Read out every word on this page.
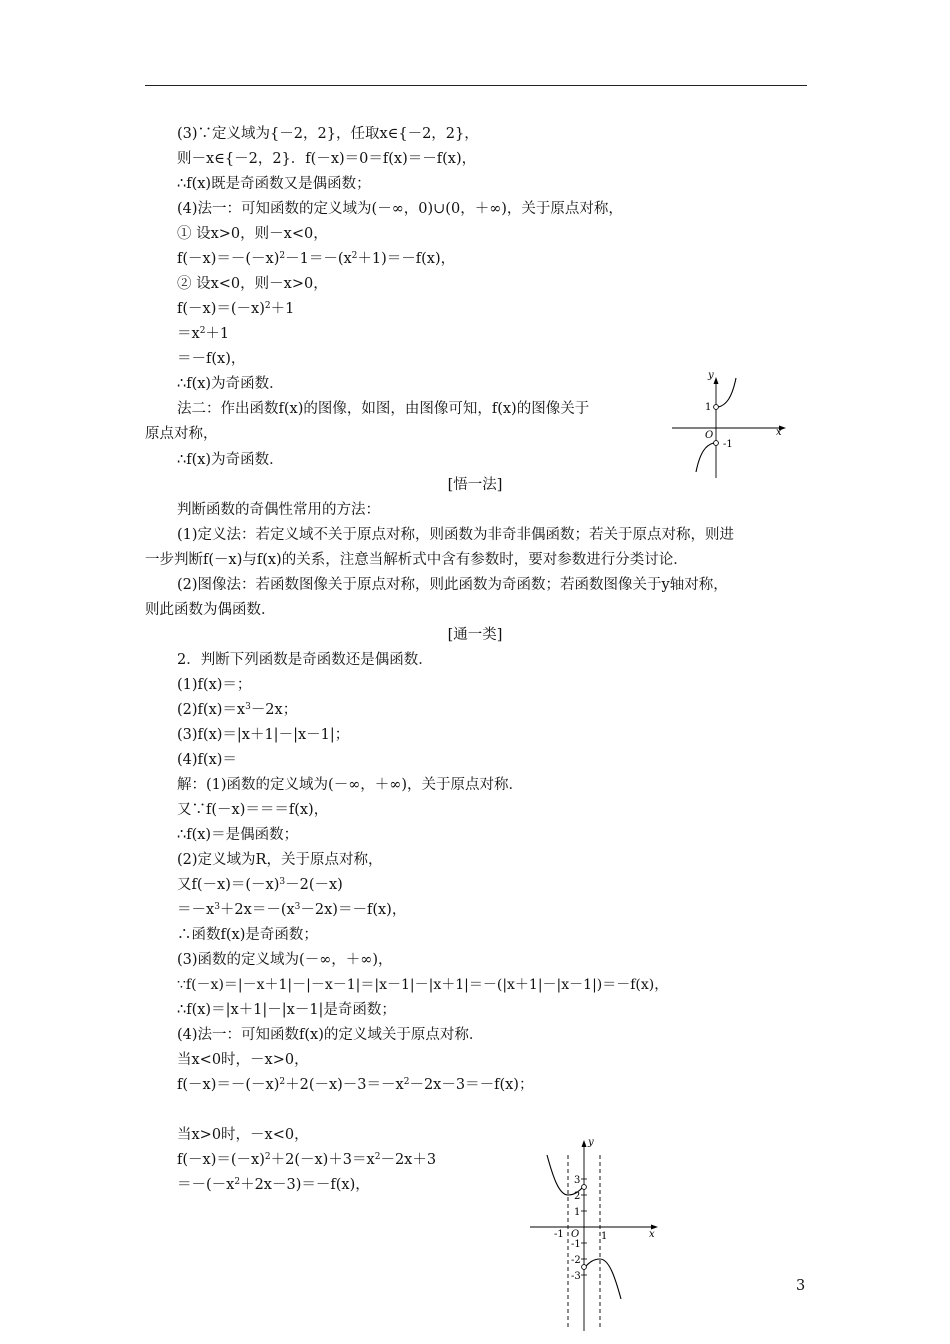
(3)∵定义域为{－2，2}，任取x∈{－2，2}，
则－x∈{－2，2}．f(－x)＝0＝f(x)＝－f(x)，
∴f(x)既是奇函数又是偶函数；
(4)法一：可知函数的定义域为(－∞，0)∪(0，＋∞)，关于原点对称，
① 设x>0，则－x<0，
$f(-x)=-(-x)^2-1=-(x^2+1)=-f(x)$，
② 设x<0，则－x>0，
$f(-x)=(-x)^2+1$
$=x^2+1$
＝－f(x)，
∴f(x)为奇函数．
法二：作出函数f(x)的图像，如图，由图像可知，f(x)的图像关于
原点对称，
∴f(x)为奇函数．
y
x
O
1
-1
[悟一法]
判断函数的奇偶性常用的方法：
(1)定义法：若定义域不关于原点对称，则函数为非奇非偶函数；若关于原点对称，则进
一步判断f(－x)与f(x)的关系，注意当解析式中含有参数时，要对参数进行分类讨论．
(2)图像法：若函数图像关于原点对称，则此函数为奇函数；若函数图像关于y轴对称，
则此函数为偶函数．
[通一类]
2．判断下列函数是奇函数还是偶函数．
(1)f(x)＝；
$(2)f(x)=x^3-2x$；
(3)f(x)＝|x＋1|－|x－1|；
(4)f(x)＝
解：(1)函数的定义域为(－∞，＋∞)，关于原点对称．
又∵f(－x)＝＝＝f(x)，
∴f(x)＝是偶函数；
(2)定义域为R，关于原点对称，
又$f(-x)=(-x)^3-2(-x)$
$=-x^3+2x=-(x^3-2x)=-f(x)$，
∴函数f(x)是奇函数；
(3)函数的定义域为(－∞，＋∞)，
∵f(－x)＝|－x＋1|－|－x－1|＝|x－1|－|x＋1|＝－(|x＋1|－|x－1|)＝－f(x)，
∴f(x)＝|x＋1|－|x－1|是奇函数；
(4)法一：可知函数f(x)的定义域关于原点对称．
当x<0时，－x>0，
$f(-x)=-(-x)^2+2(-x)-3=-x^2-2x-3=-f(x)$；
当x>0时，－x<0，
$f(-x)=(-x)^2+2(-x)+3=x^2-2x+3$
$=-(-x^2+2x-3)=-f(x)$，
y
x
O
3
2
1
-1
-2
-3
-1	1
3
